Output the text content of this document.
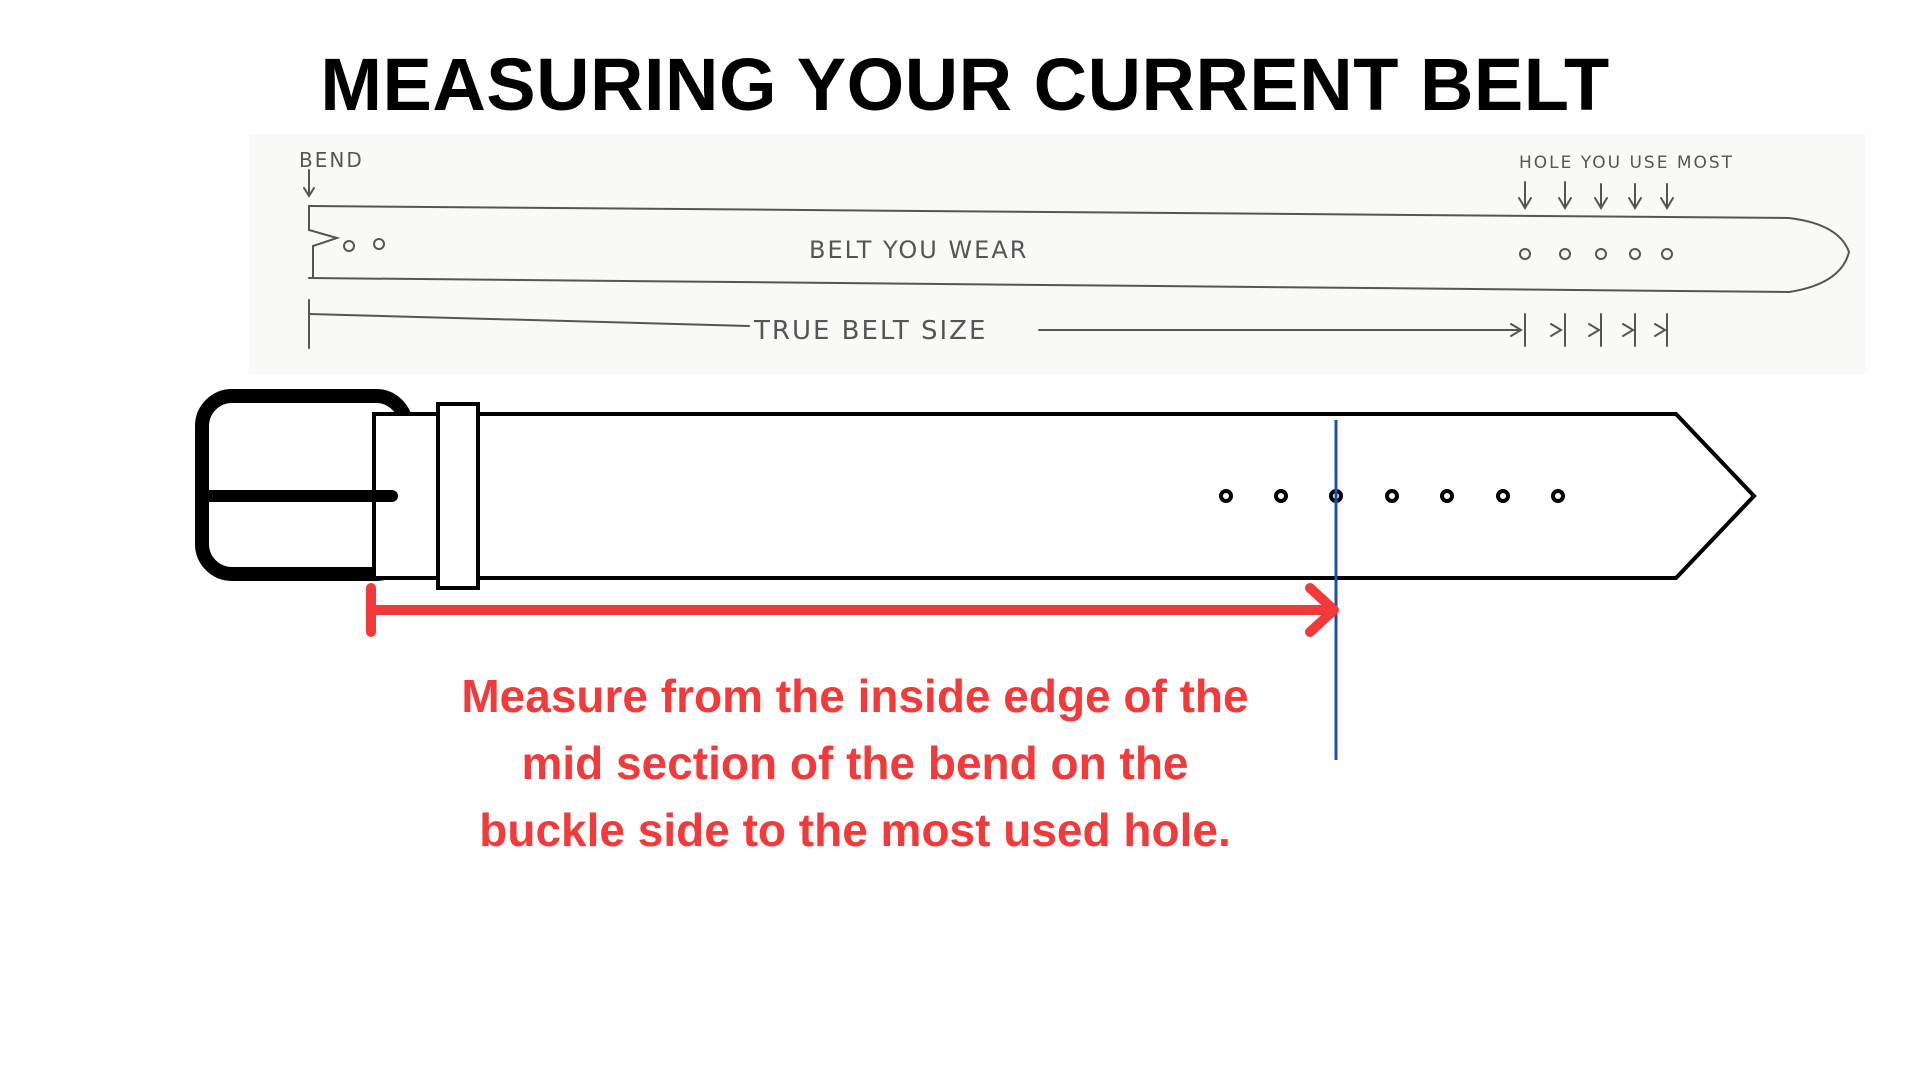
MEASURING YOUR CURRENT BELT
BEND	HOLE YOU USE MOST
BELT YOU WEAR
TRUE BELT SIZE

Measure from the inside edge of the
mid section of the bend on the
buckle side to the most used hole.
